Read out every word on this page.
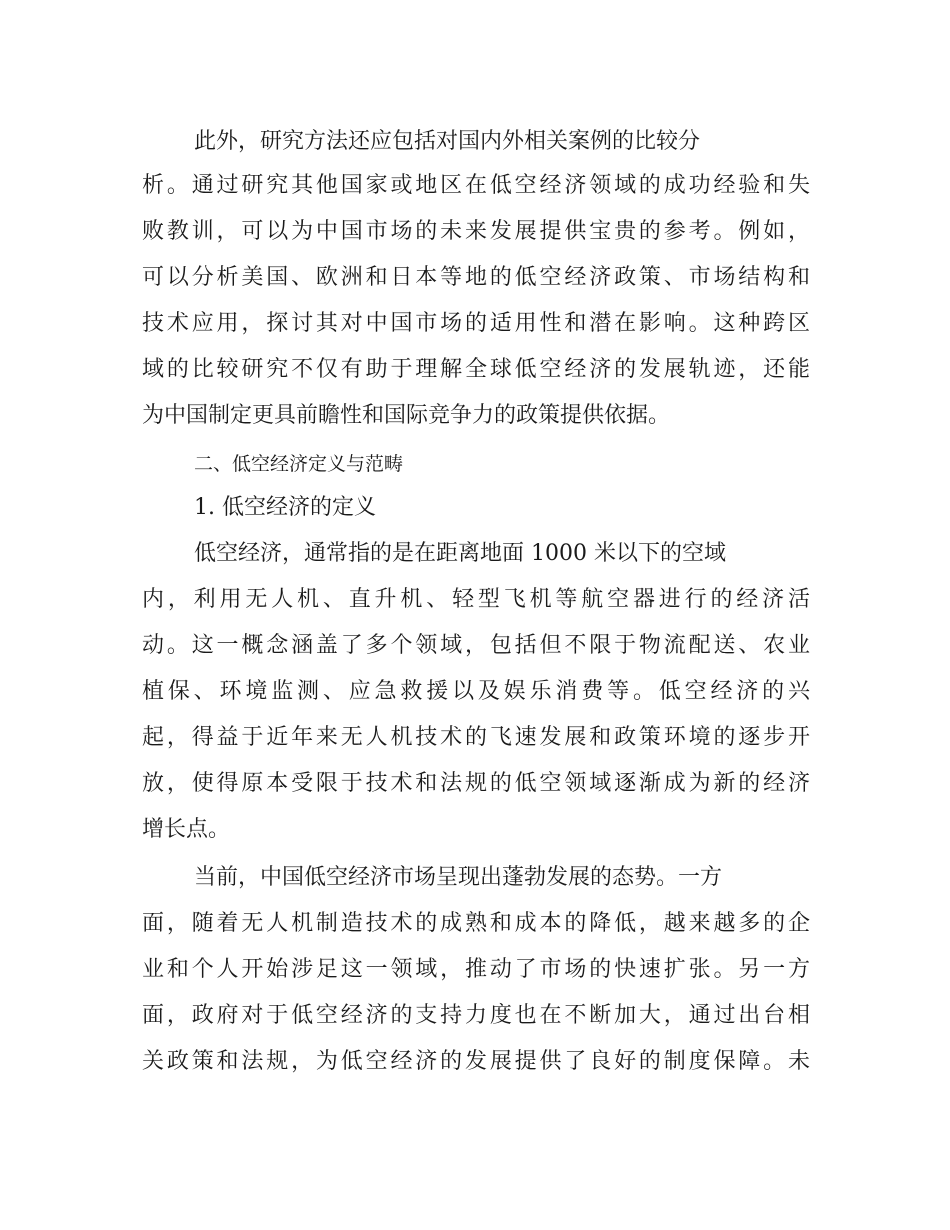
此外，研究方法还应包括对国内外相关案例的比较分
析。通过研究其他国家或地区在低空经济领域的成功经验和失
败教训，可以为中国市场的未来发展提供宝贵的参考。例如，
可以分析美国、欧洲和日本等地的低空经济政策、市场结构和
技术应用，探讨其对中国市场的适用性和潜在影响。这种跨区
域的比较研究不仅有助于理解全球低空经济的发展轨迹，还能
为中国制定更具前瞻性和国际竞争力的政策提供依据。
二、低空经济定义与范畴
1. 低空经济的定义
低空经济，通常指的是在距离地面 1000 米以下的空域
内，利用无人机、直升机、轻型飞机等航空器进行的经济活
动。这一概念涵盖了多个领域，包括但不限于物流配送、农业
植保、环境监测、应急救援以及娱乐消费等。低空经济的兴
起，得益于近年来无人机技术的飞速发展和政策环境的逐步开
放，使得原本受限于技术和法规的低空领域逐渐成为新的经济
增长点。
当前，中国低空经济市场呈现出蓬勃发展的态势。一方
面，随着无人机制造技术的成熟和成本的降低，越来越多的企
业和个人开始涉足这一领域，推动了市场的快速扩张。另一方
面，政府对于低空经济的支持力度也在不断加大，通过出台相
关政策和法规，为低空经济的发展提供了良好的制度保障。未
